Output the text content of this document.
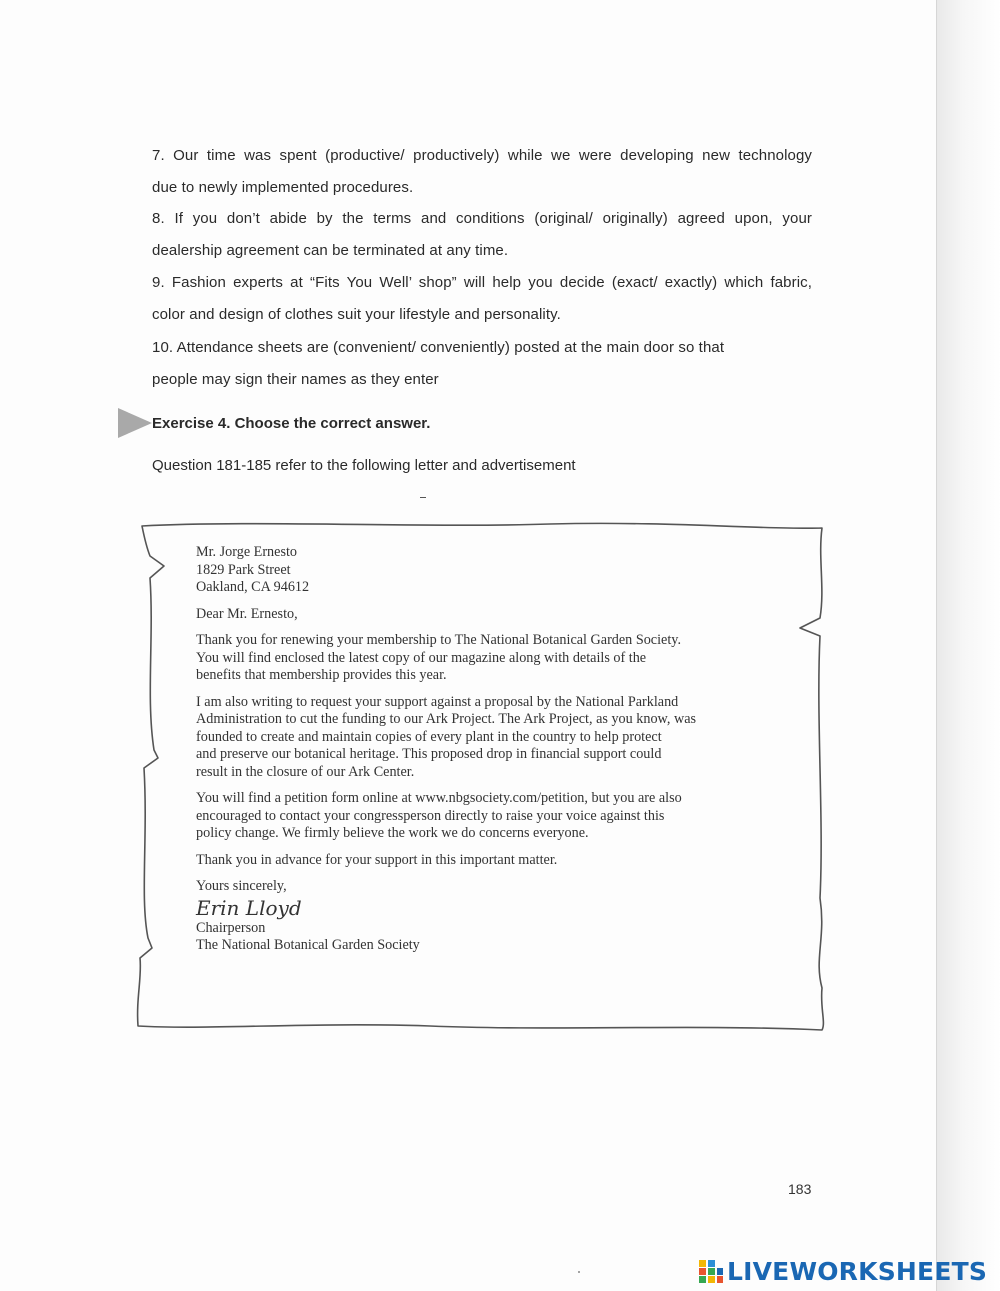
7. Our time was spent (productive/ productively) while we were developing new technology

due to newly implemented procedures.

8. If you don’t abide by the terms and conditions (original/ originally) agreed upon, your

dealership agreement can be terminated at any time.

9. Fashion experts at “Fits You Well’ shop” will help you decide (exact/ exactly) which fabric,

color and design of clothes suit your lifestyle and personality.

10. Attendance sheets are (convenient/ conveniently) posted at the main door so that

people may sign their names as they enter

Exercise 4. Choose the correct answer.
Question 181-185 refer to the following letter and advertisement

Mr. Jorge Ernesto

1829 Park Street

Oakland, CA 94612

Dear Mr. Ernesto,

Thank you for renewing your membership to The National Botanical Garden Society.

You will find enclosed the latest copy of our magazine along with details of the

benefits that membership provides this year.

I am also writing to request your support against a proposal by the National Parkland

Administration to cut the funding to our Ark Project. The Ark Project, as you know, was

founded to create and maintain copies of every plant in the country to help protect

and preserve our botanical heritage. This proposed drop in financial support could

result in the closure of our Ark Center.

You will find a petition form online at www.nbgsociety.com/petition, but you are also

encouraged to contact your congressperson directly to raise your voice against this

policy change. We firmly believe the work we do concerns everyone.

Thank you in advance for your support in this important matter.

Yours sincerely,

Erin Lloyd

Chairperson

The National Botanical Garden Society

183
LIVEWORKSHEETS
